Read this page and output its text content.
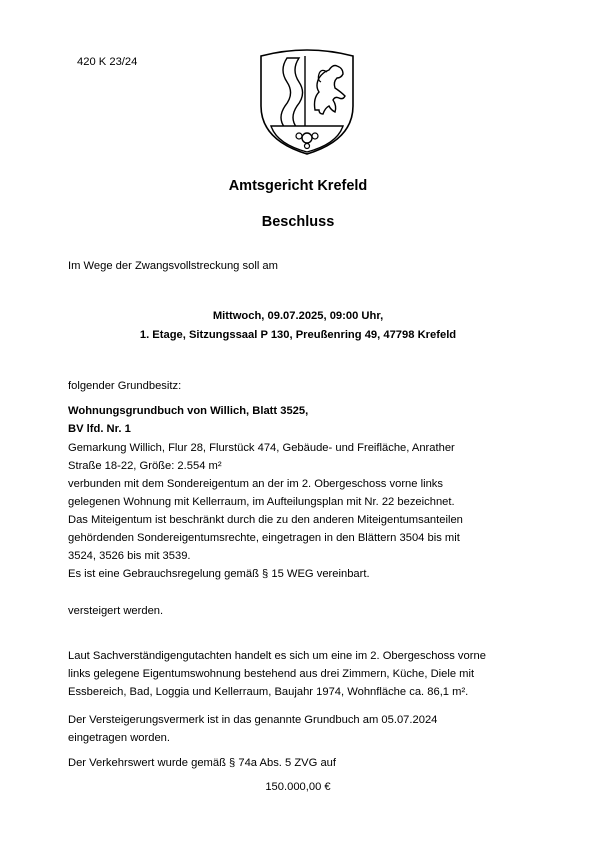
420 K 23/24
Amtsgericht Krefeld
Beschluss
Im Wege der Zwangsvollstreckung soll am
Mittwoch, 09.07.2025, 09:00 Uhr,
1. Etage, Sitzungssaal P 130, Preußenring 49, 47798 Krefeld
folgender Grundbesitz:
Wohnungsgrundbuch von Willich, Blatt 3525,
BV lfd. Nr. 1
Gemarkung Willich, Flur 28, Flurstück 474, Gebäude- und Freifläche, Anrather
Straße 18-22, Größe: 2.554 m²
verbunden mit dem Sondereigentum an der im 2. Obergeschoss vorne links
gelegenen Wohnung mit Kellerraum, im Aufteilungsplan mit Nr. 22 bezeichnet.
Das Miteigentum ist beschränkt durch die zu den anderen Miteigentumsanteilen
gehördenden Sondereigentumsrechte, eingetragen in den Blättern 3504 bis mit
3524, 3526 bis mit 3539.
Es ist eine Gebrauchsregelung gemäß § 15 WEG vereinbart.
versteigert werden.
Laut Sachverständigengutachten handelt es sich um eine im 2. Obergeschoss vorne
links gelegene Eigentumswohnung bestehend aus drei Zimmern, Küche, Diele mit
Essbereich, Bad, Loggia und Kellerraum, Baujahr 1974, Wohnfläche ca. 86,1 m².
Der Versteigerungsvermerk ist in das genannte Grundbuch am 05.07.2024
eingetragen worden.
Der Verkehrswert wurde gemäß § 74a Abs. 5 ZVG auf
150.000,00 €
